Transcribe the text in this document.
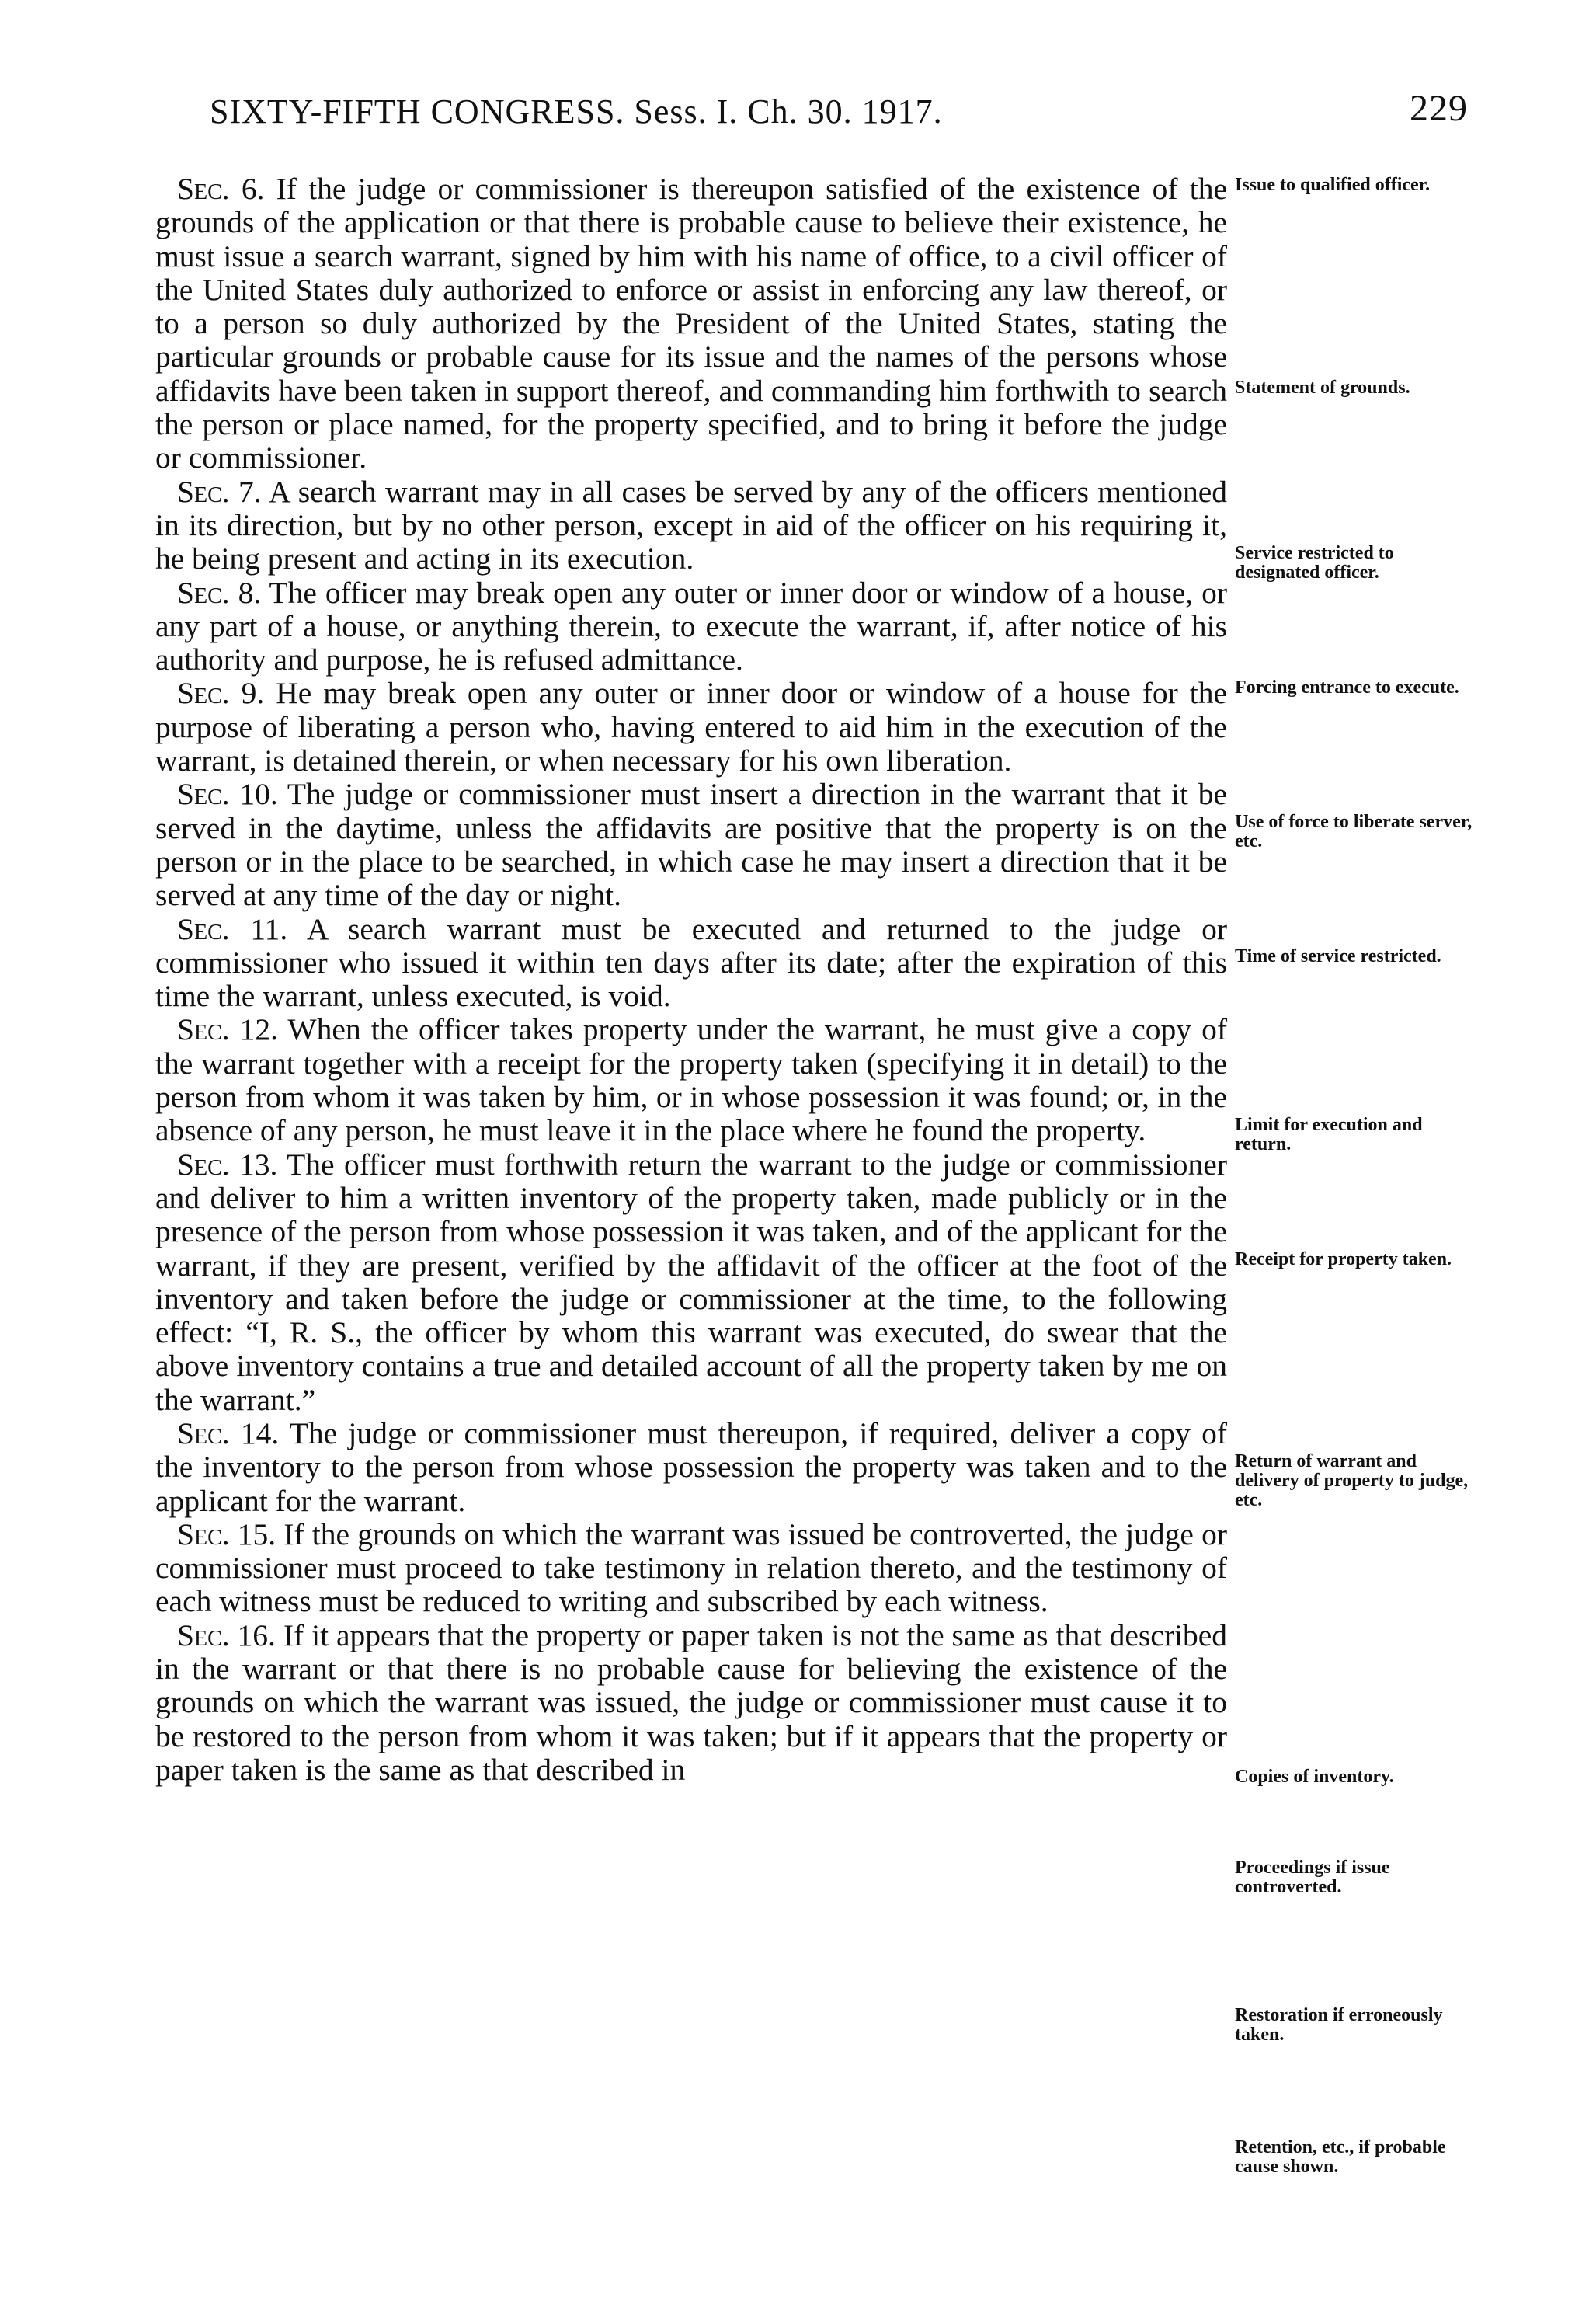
SIXTY-FIFTH CONGRESS. Sess. I. Ch. 30. 1917.	229

Sec. 6. If the judge or commissioner is thereupon satisfied of the existence of the grounds of the application or that there is probable cause to believe their existence, he must issue a search warrant, signed by him with his name of office, to a civil officer of the United States duly authorized to enforce or assist in enforcing any law thereof, or to a person so duly authorized by the President of the United States, stating the particular grounds or probable cause for its issue and the names of the persons whose affidavits have been taken in support thereof, and commanding him forthwith to search the person or place named, for the property specified, and to bring it before the judge or commissioner.

Sec. 7. A search warrant may in all cases be served by any of the officers mentioned in its direction, but by no other person, except in aid of the officer on his requiring it, he being present and acting in its execution.

Sec. 8. The officer may break open any outer or inner door or window of a house, or any part of a house, or anything therein, to execute the warrant, if, after notice of his authority and purpose, he is refused admittance.

Sec. 9. He may break open any outer or inner door or window of a house for the purpose of liberating a person who, having entered to aid him in the execution of the warrant, is detained therein, or when necessary for his own liberation.

Sec. 10. The judge or commissioner must insert a direction in the warrant that it be served in the daytime, unless the affidavits are positive that the property is on the person or in the place to be searched, in which case he may insert a direction that it be served at any time of the day or night.

Sec. 11. A search warrant must be executed and returned to the judge or commissioner who issued it within ten days after its date; after the expiration of this time the warrant, unless executed, is void.

Sec. 12. When the officer takes property under the warrant, he must give a copy of the warrant together with a receipt for the property taken (specifying it in detail) to the person from whom it was taken by him, or in whose possession it was found; or, in the absence of any person, he must leave it in the place where he found the property.

Sec. 13. The officer must forthwith return the warrant to the judge or commissioner and deliver to him a written inventory of the property taken, made publicly or in the presence of the person from whose possession it was taken, and of the applicant for the warrant, if they are present, verified by the affidavit of the officer at the foot of the inventory and taken before the judge or commissioner at the time, to the following effect: “I, R. S., the officer by whom this warrant was executed, do swear that the above inventory contains a true and detailed account of all the property taken by me on the warrant.”

Sec. 14. The judge or commissioner must thereupon, if required, deliver a copy of the inventory to the person from whose possession the property was taken and to the applicant for the warrant.

Sec. 15. If the grounds on which the warrant was issued be controverted, the judge or commissioner must proceed to take testimony in relation thereto, and the testimony of each witness must be reduced to writing and subscribed by each witness.

Sec. 16. If it appears that the property or paper taken is not the same as that described in the warrant or that there is no probable cause for believing the existence of the grounds on which the warrant was issued, the judge or commissioner must cause it to be restored to the person from whom it was taken; but if it appears that the property or paper taken is the same as that described in

Issue to qualified officer.
Statement of grounds.
Service restricted to designated officer.
Forcing entrance to execute.
Use of force to liberate server, etc.
Time of service restricted.
Limit for execution and return.
Receipt for property taken.
Return of warrant and delivery of property to judge, etc.
Copies of inventory.
Proceedings if issue controverted.
Restoration if erroneously taken.
Retention, etc., if probable cause shown.
